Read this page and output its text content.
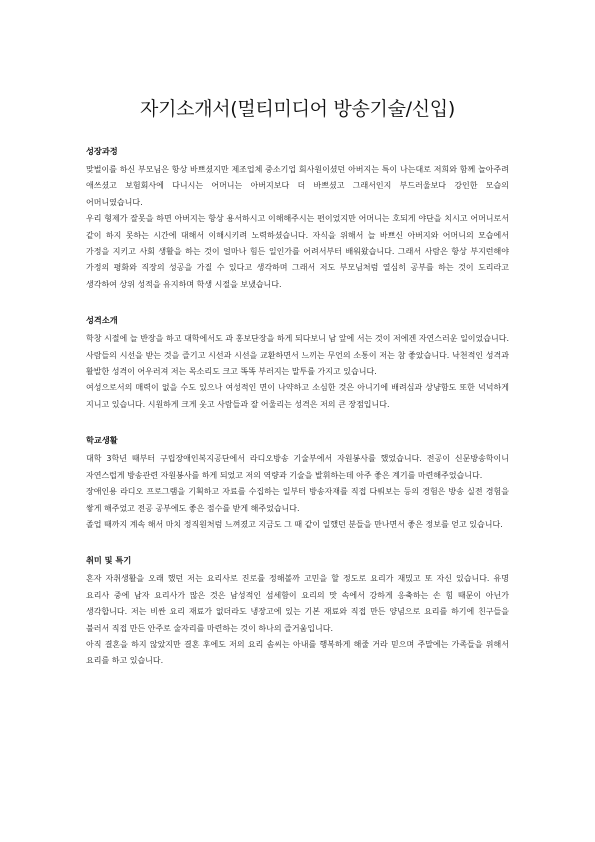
자기소개서(멀티미디어 방송기술/신입)
성장과정

맞벌이를 하신 부모님은 항상 바쁘셨지만 제조업체 중소기업 회사원이셨던 아버지는 특이 나는대로 저희와 함께 놀아주려 애쓰셨고 보험회사에 다니시는 어머니는 아버지보다 더 바쁘셨고 그래서인지 부드러울보다 강인한 모습의 어머니였습니다.

우리 형제가 잘못을 하면 아버지는 항상 용서하시고 이해해주시는 편이었지만 어머니는 호되게 야단을 치시고 어머니로서 같이 하지 못하는 시간에 대해서 이해시키려 노력하셨습니다. 자식을 위해서 늘 바쁘신 아버지와 어머니의 모습에서 가정을 지키고 사회 생활을 하는 것이 얼마나 힘든 일인가를 어려서부터 배워왔습니다. 그래서 사람은 항상 부지런해야 가정의 평화와 직장의 성공을 가질 수 있다고 생각하며 그래서 저도 부모님처럼 열심히 공부를 하는 것이 도리라고 생각하여 상위 성적을 유지하며 학생 시절을 보냈습니다.

성격소개

학창 시절에 늘 반장을 하고 대학에서도 과 홍보단장을 하게 되다보니 남 앞에 서는 것이 저에겐 자연스러운 일이었습니다. 사람들의 시선을 받는 것을 즐기고 시선과 시선을 교환하면서 느끼는 무언의 소통이 저는 참 좋았습니다. 낙천적인 성격과 활발한 성격이 어우러져 저는 목소리도 크고 똑똑 부러지는 말투를 가지고 있습니다.

여성으로서의 매력이 없을 수도 있으나 여성적인 면이 나약하고 소심한 것은 아니기에 배려심과 상냥함도 또한 넉넉하게 지니고 있습니다. 시원하게 크게 웃고 사람들과 잘 어울리는 성격은 저의 큰 장점입니다.

학교생활

대학 3학년 때부터 구립장애인복지공단에서 라디오방송 기술부에서 자원봉사를 했었습니다. 전공이 신문방송학이니 자연스럽게 방송관련 자원봉사를 하게 되었고 저의 역량과 기술을 발휘하는데 아주 좋은 계기를 마련해주었습니다.

장애인용 라디오 프로그램을 기획하고 자료를 수집하는 일부터 방송자재를 직접 다뤄보는 등의 경험은 방송 실전 경험을 쌓게 해주었고 전공 공부에도 좋은 점수를 받게 해주었습니다.

졸업 때까지 계속 해서 마치 정직원처럼 느껴졌고 지금도 그 때 같이 일했던 분들을 만나면서 좋은 정보를 얻고 있습니다.

취미 및 특기

혼자 자취생활을 오래 했던 저는 요리사로 진로를 정해볼까 고민을 할 정도로 요리가 재밌고 또 자신 있습니다. 유명 요리사 중에 남자 요리사가 많은 것은 남성적인 섬세함이 요리의 맛 속에서 강하게 응축하는 손 힘 때문이 아닌가 생각합니다. 저는 비싼 요리 재료가 없더라도 냉장고에 있는 기본 재료와 직접 만든 양념으로 요리를 하기에 친구들을 불러서 직접 만든 안주로 술자리를 마련하는 것이 하나의 즐거움입니다.

아직 결혼을 하지 않았지만 결혼 후에도 저의 요리 솜씨는 아내를 행복하게 해줄 거라 믿으며 주말에는 가족들을 위해서 요리를 하고 있습니다.
